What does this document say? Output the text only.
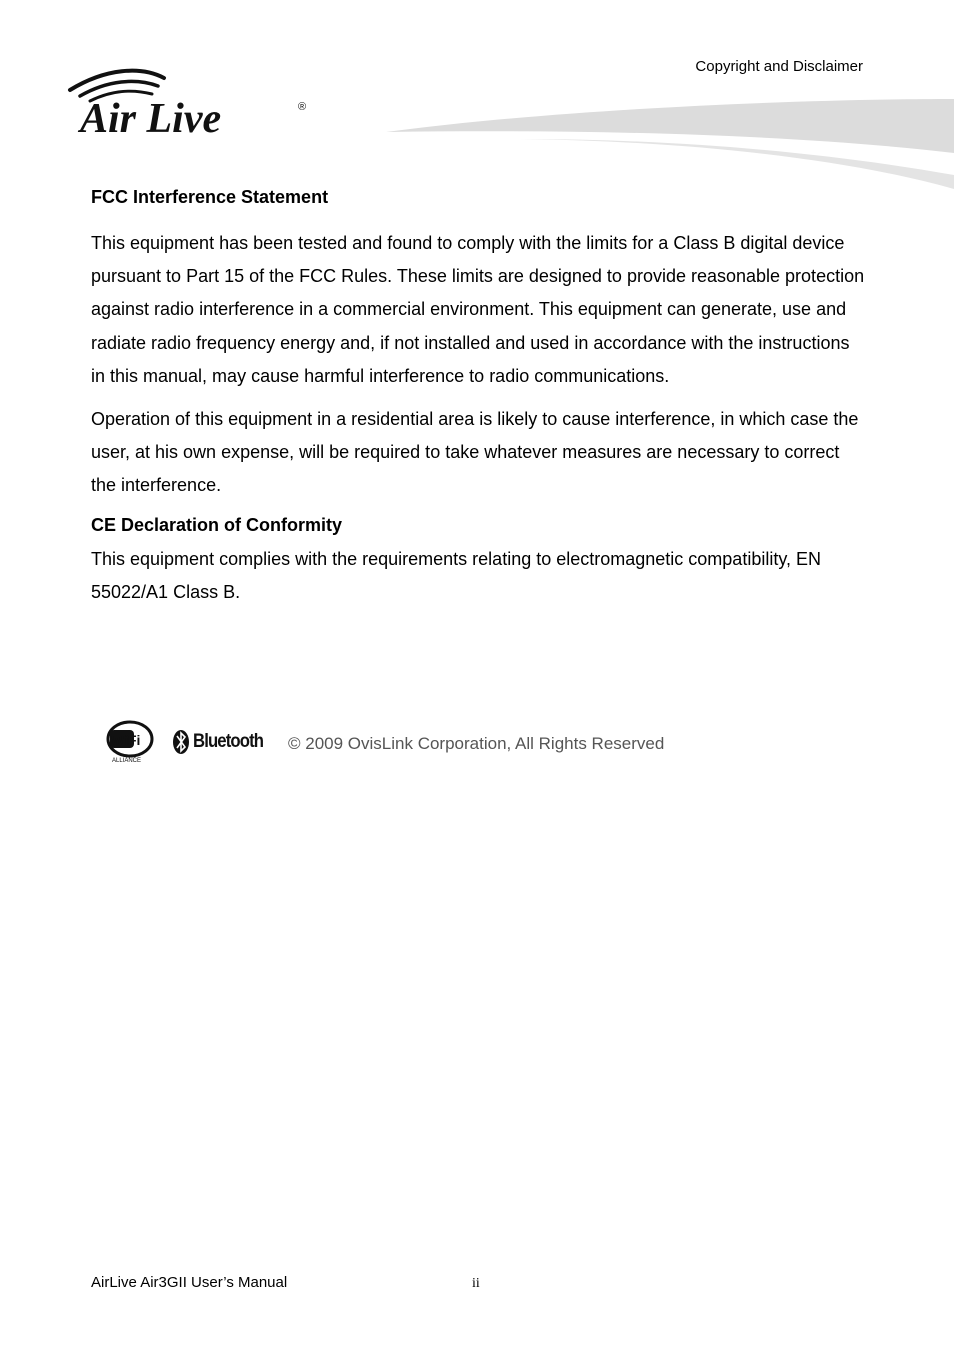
Copyright and Disclaimer
Air Live	®
FCC Interference Statement

This equipment has been tested and found to comply with the limits for a Class B digital device pursuant to Part 15 of the FCC Rules. These limits are designed to provide reasonable protection against radio interference in a commercial environment. This equipment can generate, use and radiate radio frequency energy and, if not installed and used in accordance with the instructions in this manual, may cause harmful interference to radio communications.

Operation of this equipment in a residential area is likely to cause interference, in which case the user, at his own expense, will be required to take whatever measures are necessary to correct the interference.

CE Declaration of Conformity

This equipment complies with the requirements relating to electromagnetic compatibility, EN 55022/A1 Class B.

WiFi
ALLIANCE
Bluetooth © 2009 OvisLink Corporation, All Rights Reserved
AirLive Air3GII User’s Manual	ii
